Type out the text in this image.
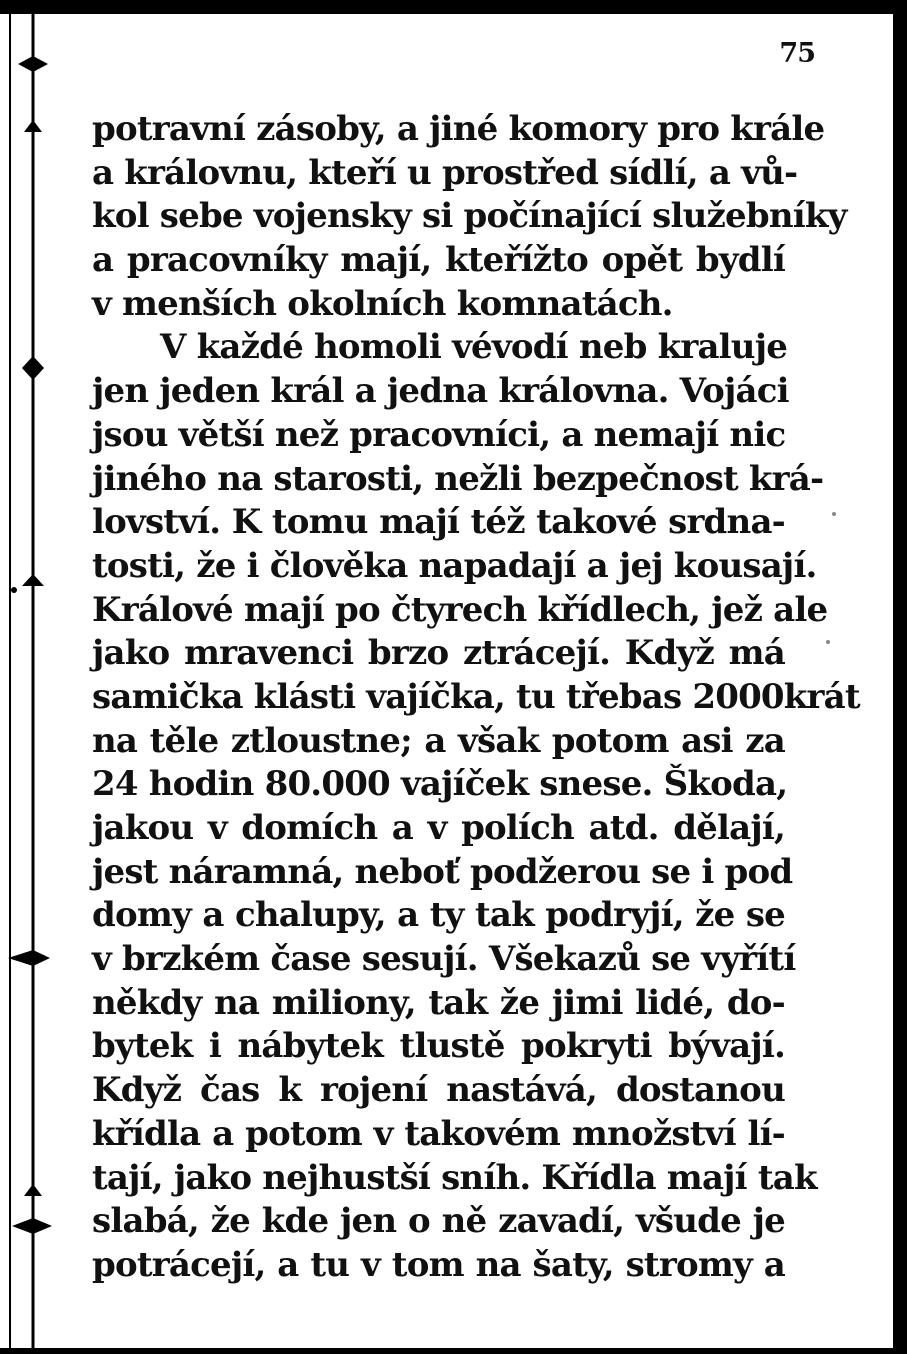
75
potravní zásoby, a jiné komory pro krále
a královnu, kteří u prostřed sídlí, a vů-
kol sebe vojensky si počínající služebníky
a pracovníky mají, kteřížto opět bydlí
v menších okolních komnatách.
V každé homoli vévodí neb kraluje
jen jeden král a jedna královna. Vojáci
jsou větší než pracovníci, a nemají nic
jiného na starosti, nežli bezpečnost krá-
lovství. K tomu mají též takové srdna-
tosti, že i člověka napadají a jej kousají.
Králové mají po čtyrech křídlech, jež ale
jako mravenci brzo ztrácejí. Když má
samička klásti vajíčka, tu třebas 2000krát
na těle ztloustne; a však potom asi za
24 hodin 80.000 vajíček snese. Škoda,
jakou v domích a v polích atd. dělají,
jest náramná, neboť podžerou se i pod
domy a chalupy, a ty tak podryjí, že se
v brzkém čase sesují. Všekazů se vyřítí
někdy na miliony, tak že jimi lidé, do-
bytek i nábytek tlustě pokryti bývají.
Když čas k rojení nastává, dostanou
křídla a potom v takovém množství lí-
tají, jako nejhustší sníh. Křídla mají tak
slabá, že kde jen o ně zavadí, všude je
potrácejí, a tu v tom na šaty, stromy a
